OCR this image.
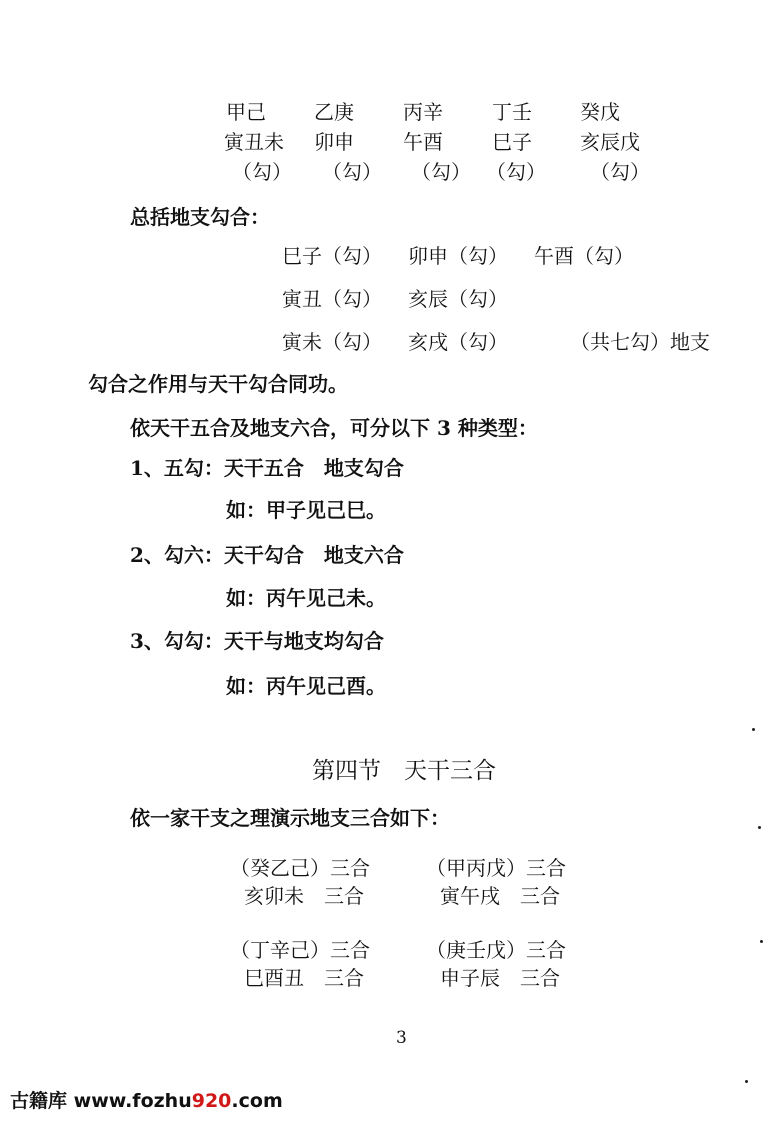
甲己 乙庚 丙辛 丁壬 癸戊
寅丑未 卯申 午酉 巳子 亥辰戊
（勾） （勾） （勾） （勾） （勾）
总括地支勾合：
巳子（勾） 卯申（勾） 午酉（勾）
寅丑（勾） 亥辰（勾）
寅未（勾） 亥戌（勾）	（共七勾）地支
勾合之作用与天干勾合同功。
依天干五合及地支六合，可分以下 3 种类型：
1、五勾：天干五合　地支勾合
如：甲子见己巳。
2、勾六：天干勾合　地支六合
如：丙午见己未。
3、勾勾：天干与地支均勾合
如：丙午见己酉。
第四节　天干三合
依一家干支之理演示地支三合如下：
（癸乙己）三合
亥卯未　三合
（甲丙戊）三合
寅午戌　三合
（丁辛己）三合
巳酉丑　三合
（庚壬戊）三合
申子辰　三合
3
古籍库 www.fozhu920.com
